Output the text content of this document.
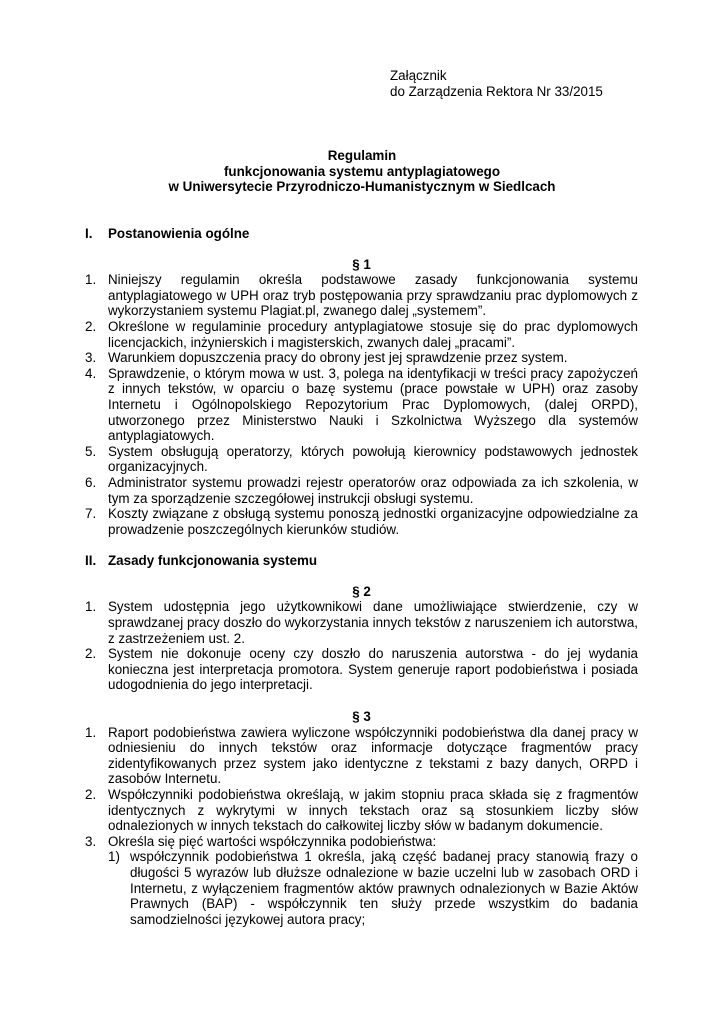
Załącznik
do Zarządzenia Rektora Nr 33/2015
Regulamin
funkcjonowania systemu antyplagiatowego
w Uniwersytecie Przyrodniczo-Humanistycznym w Siedlcach
I.	Postanowienia ogólne
§ 1
1. Niniejszy regulamin określa podstawowe zasady funkcjonowania systemu antyplagiatowego w UPH oraz tryb postępowania przy sprawdzaniu prac dyplomowych z wykorzystaniem systemu Plagiat.pl, zwanego dalej „systemem”.
2. Określone w regulaminie procedury antyplagiatowe stosuje się do prac dyplomowych licencjackich, inżynierskich i magisterskich, zwanych dalej „pracami”.
3. Warunkiem dopuszczenia pracy do obrony jest jej sprawdzenie przez system.
4. Sprawdzenie, o którym mowa w ust. 3, polega na identyfikacji w treści pracy zapożyczeń z innych tekstów, w oparciu o bazę systemu (prace powstałe w UPH) oraz zasoby Internetu i Ogólnopolskiego Repozytorium Prac Dyplomowych, (dalej ORPD), utworzonego przez Ministerstwo Nauki i Szkolnictwa Wyższego dla systemów antyplagiatowych.
5. System obsługują operatorzy, których powołują kierownicy podstawowych jednostek organizacyjnych.
6. Administrator systemu prowadzi rejestr operatorów oraz odpowiada za ich szkolenia, w tym za sporządzenie szczegółowej instrukcji obsługi systemu.
7. Koszty związane z obsługą systemu ponoszą jednostki organizacyjne odpowiedzialne za prowadzenie poszczególnych kierunków studiów.
II. Zasady funkcjonowania systemu
§ 2
1. System udostępnia jego użytkownikowi dane umożliwiające stwierdzenie, czy w sprawdzanej pracy doszło do wykorzystania innych tekstów z naruszeniem ich autorstwa, z zastrzeżeniem ust. 2.
2. System nie dokonuje oceny czy doszło do naruszenia autorstwa - do jej wydania konieczna jest interpretacja promotora. System generuje raport podobieństwa i posiada udogodnienia do jego interpretacji.
§ 3
1. Raport podobieństwa zawiera wyliczone współczynniki podobieństwa dla danej pracy w odniesieniu do innych tekstów oraz informacje dotyczące fragmentów pracy zidentyfikowanych przez system jako identyczne z tekstami z bazy danych, ORPD i zasobów Internetu.
2. Współczynniki podobieństwa określają, w jakim stopniu praca składa się z fragmentów identycznych z wykrytymi w innych tekstach oraz są stosunkiem liczby słów odnalezionych w innych tekstach do całkowitej liczby słów w badanym dokumencie.
3. Określa się pięć wartości współczynnika podobieństwa:
1) współczynnik podobieństwa 1 określa, jaką część badanej pracy stanowią frazy o długości 5 wyrazów lub dłuższe odnalezione w bazie uczelni lub w zasobach ORD i Internetu, z wyłączeniem fragmentów aktów prawnych odnalezionych w Bazie Aktów Prawnych (BAP) - współczynnik ten służy przede wszystkim do badania samodzielności językowej autora pracy;
